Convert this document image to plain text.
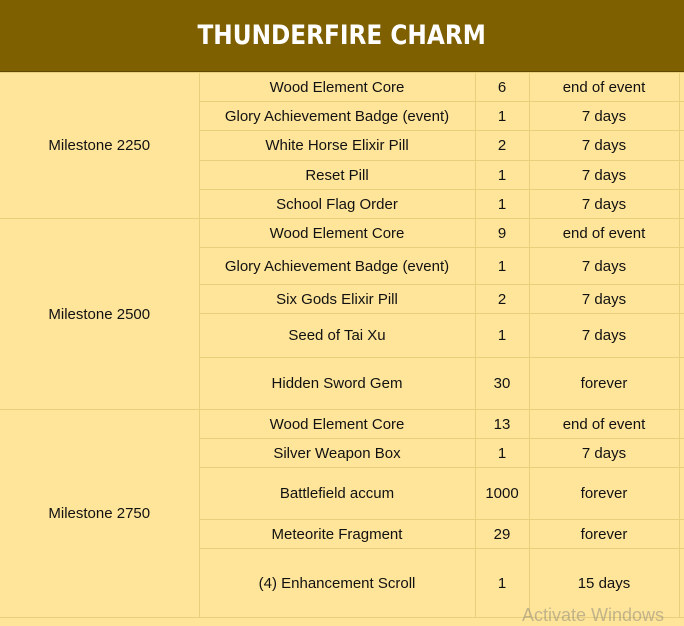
THUNDERFIRE CHARM
Milestone 2250	Wood Element Core	6	end of event	
	Glory Achievement Badge (event)	1	7 days	
	White Horse Elixir Pill	2	7 days	
	Reset Pill	1	7 days	
	School Flag Order	1	7 days	
Milestone 2500	Wood Element Core	9	end of event	
	Glory Achievement Badge (event)	1	7 days	
	Six Gods Elixir Pill	2	7 days	
	Seed of Tai Xu	1	7 days	
	Hidden Sword Gem	30	forever	
Milestone 2750	Wood Element Core	13	end of event	
	Silver Weapon Box	1	7 days	
	Battlefield accum	1000	forever	
	Meteorite Fragment	29	forever	
	(4) Enhancement Scroll	1	15 days	
Activate Windows
